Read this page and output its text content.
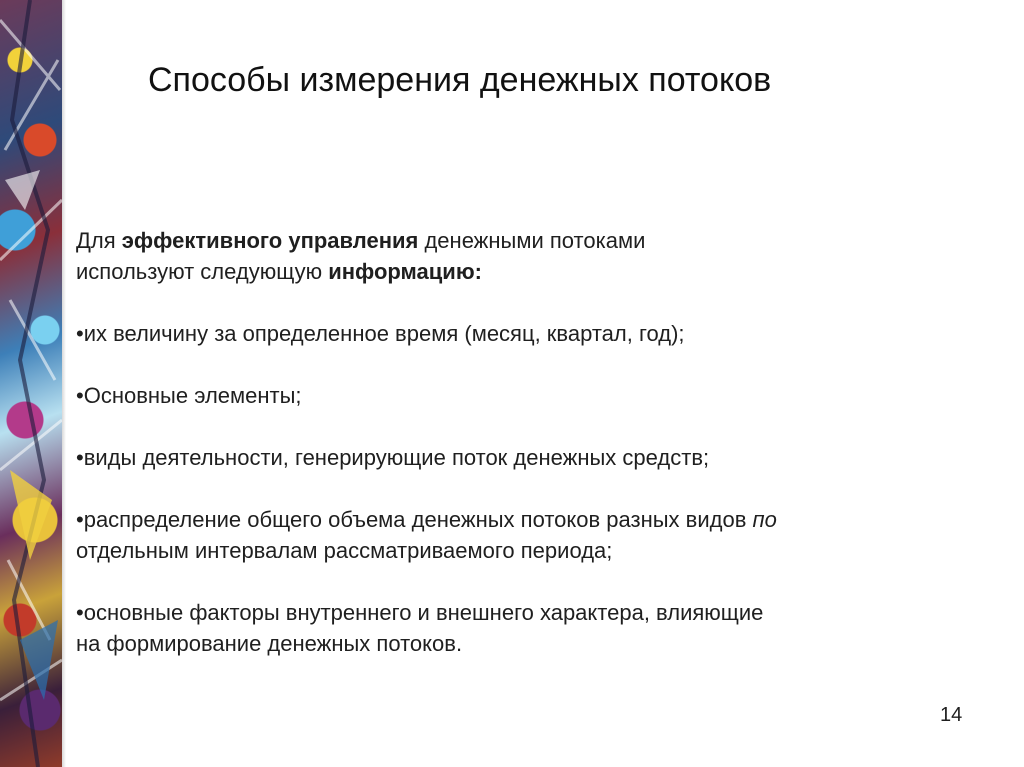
Способы измерения денежных потоков

Для эффективного управления денежными потоками
используют следующую информацию:

•их величину за определенное время (месяц, квартал, год);

•Основные элементы;

•виды деятельности, генерирующие поток денежных средств;

•распределение общего объема денежных потоков разных видов по
отдельным интервалам рассматриваемого периода;

•основные факторы внутреннего и внешнего характера, влияющие
на формирование денежных потоков.

14
